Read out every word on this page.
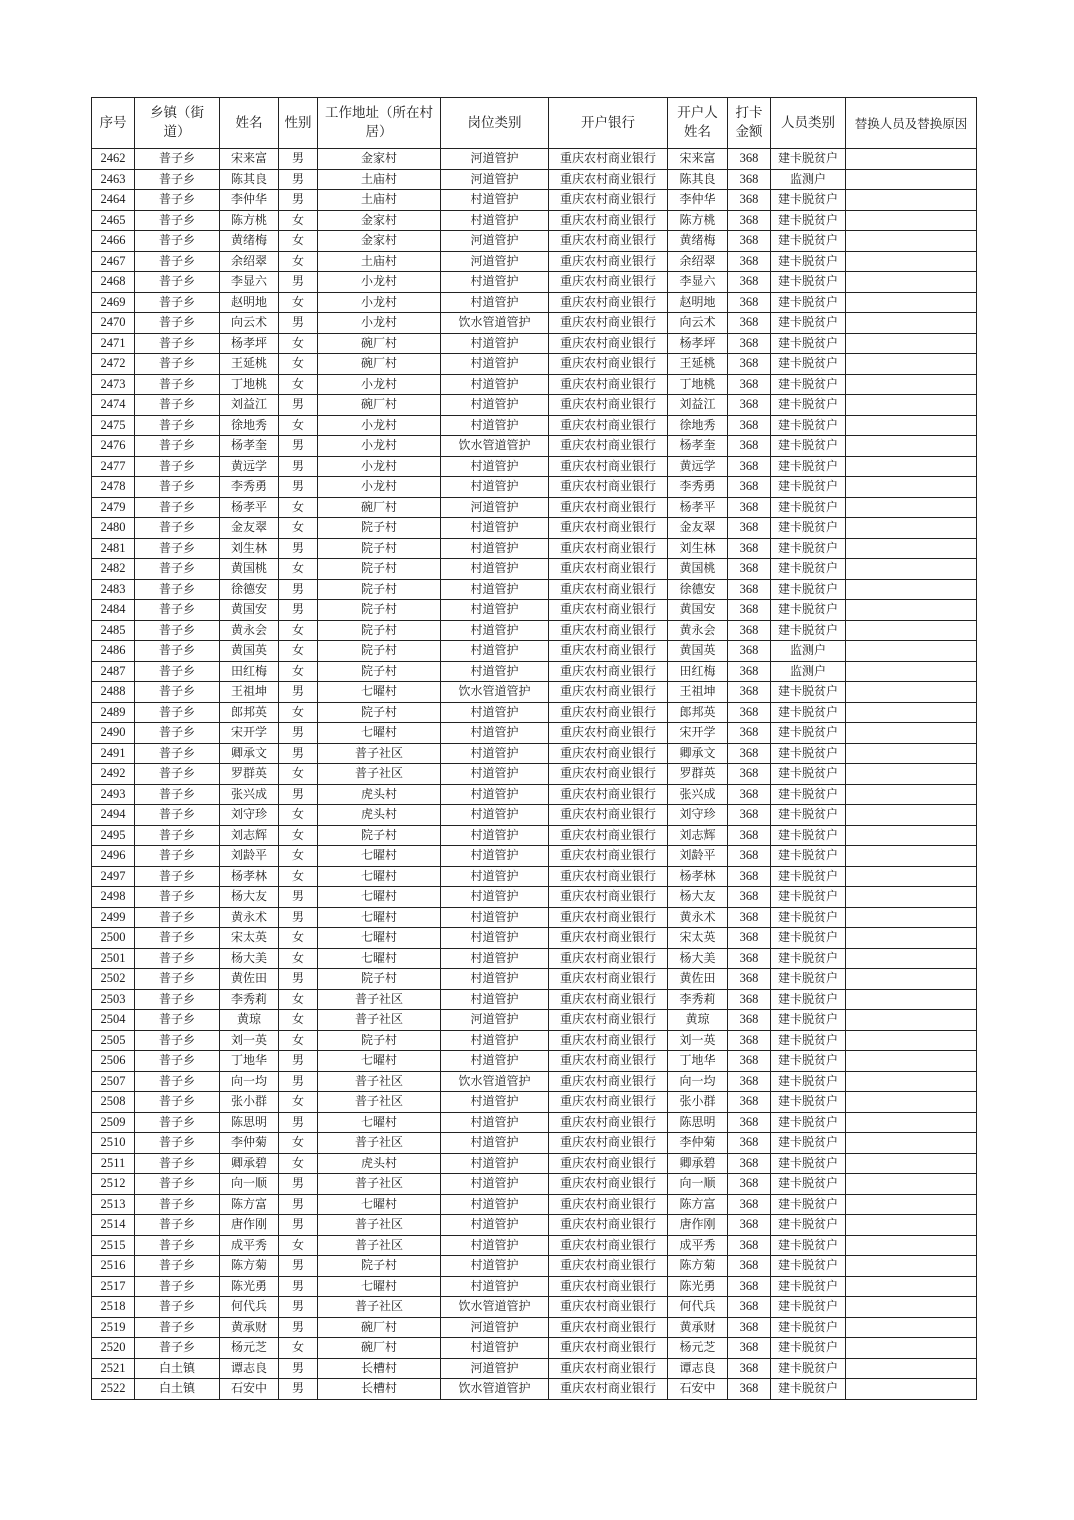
序号	乡镇（街道）	姓名	性别	工作地址（所在村居）	岗位类别	开户银行	开户人姓名	打卡金额	人员类别	替换人员及替换原因
2462	普子乡	宋来富	男	金家村	河道管护	重庆农村商业银行	宋来富	368	建卡脱贫户	
2463	普子乡	陈其良	男	土庙村	河道管护	重庆农村商业银行	陈其良	368	监测户	
2464	普子乡	李仲华	男	土庙村	村道管护	重庆农村商业银行	李仲华	368	建卡脱贫户	
2465	普子乡	陈方桃	女	金家村	村道管护	重庆农村商业银行	陈方桃	368	建卡脱贫户	
2466	普子乡	黄绪梅	女	金家村	河道管护	重庆农村商业银行	黄绪梅	368	建卡脱贫户	
2467	普子乡	余绍翠	女	土庙村	河道管护	重庆农村商业银行	余绍翠	368	建卡脱贫户	
2468	普子乡	李显六	男	小龙村	村道管护	重庆农村商业银行	李显六	368	建卡脱贫户	
2469	普子乡	赵明地	女	小龙村	村道管护	重庆农村商业银行	赵明地	368	建卡脱贫户	
2470	普子乡	向云术	男	小龙村	饮水管道管护	重庆农村商业银行	向云术	368	建卡脱贫户	
2471	普子乡	杨孝坪	女	碗厂村	村道管护	重庆农村商业银行	杨孝坪	368	建卡脱贫户	
2472	普子乡	王延桃	女	碗厂村	村道管护	重庆农村商业银行	王延桃	368	建卡脱贫户	
2473	普子乡	丁地桃	女	小龙村	村道管护	重庆农村商业银行	丁地桃	368	建卡脱贫户	
2474	普子乡	刘益江	男	碗厂村	村道管护	重庆农村商业银行	刘益江	368	建卡脱贫户	
2475	普子乡	徐地秀	女	小龙村	村道管护	重庆农村商业银行	徐地秀	368	建卡脱贫户	
2476	普子乡	杨孝奎	男	小龙村	饮水管道管护	重庆农村商业银行	杨孝奎	368	建卡脱贫户	
2477	普子乡	黄远学	男	小龙村	村道管护	重庆农村商业银行	黄远学	368	建卡脱贫户	
2478	普子乡	李秀勇	男	小龙村	村道管护	重庆农村商业银行	李秀勇	368	建卡脱贫户	
2479	普子乡	杨孝平	女	碗厂村	河道管护	重庆农村商业银行	杨孝平	368	建卡脱贫户	
2480	普子乡	金友翠	女	院子村	村道管护	重庆农村商业银行	金友翠	368	建卡脱贫户	
2481	普子乡	刘生林	男	院子村	村道管护	重庆农村商业银行	刘生林	368	建卡脱贫户	
2482	普子乡	黄国桃	女	院子村	村道管护	重庆农村商业银行	黄国桃	368	建卡脱贫户	
2483	普子乡	徐德安	男	院子村	村道管护	重庆农村商业银行	徐德安	368	建卡脱贫户	
2484	普子乡	黄国安	男	院子村	村道管护	重庆农村商业银行	黄国安	368	建卡脱贫户	
2485	普子乡	黄永会	女	院子村	村道管护	重庆农村商业银行	黄永会	368	建卡脱贫户	
2486	普子乡	黄国英	女	院子村	村道管护	重庆农村商业银行	黄国英	368	监测户	
2487	普子乡	田红梅	女	院子村	村道管护	重庆农村商业银行	田红梅	368	监测户	
2488	普子乡	王祖坤	男	七曜村	饮水管道管护	重庆农村商业银行	王祖坤	368	建卡脱贫户	
2489	普子乡	郎邦英	女	院子村	村道管护	重庆农村商业银行	郎邦英	368	建卡脱贫户	
2490	普子乡	宋开学	男	七曜村	村道管护	重庆农村商业银行	宋开学	368	建卡脱贫户	
2491	普子乡	卿承文	男	普子社区	村道管护	重庆农村商业银行	卿承文	368	建卡脱贫户	
2492	普子乡	罗群英	女	普子社区	村道管护	重庆农村商业银行	罗群英	368	建卡脱贫户	
2493	普子乡	张兴成	男	虎头村	村道管护	重庆农村商业银行	张兴成	368	建卡脱贫户	
2494	普子乡	刘守珍	女	虎头村	村道管护	重庆农村商业银行	刘守珍	368	建卡脱贫户	
2495	普子乡	刘志辉	女	院子村	村道管护	重庆农村商业银行	刘志辉	368	建卡脱贫户	
2496	普子乡	刘龄平	女	七曜村	村道管护	重庆农村商业银行	刘龄平	368	建卡脱贫户	
2497	普子乡	杨孝林	女	七曜村	村道管护	重庆农村商业银行	杨孝林	368	建卡脱贫户	
2498	普子乡	杨大友	男	七曜村	村道管护	重庆农村商业银行	杨大友	368	建卡脱贫户	
2499	普子乡	黄永术	男	七曜村	村道管护	重庆农村商业银行	黄永术	368	建卡脱贫户	
2500	普子乡	宋太英	女	七曜村	村道管护	重庆农村商业银行	宋太英	368	建卡脱贫户	
2501	普子乡	杨大美	女	七曜村	村道管护	重庆农村商业银行	杨大美	368	建卡脱贫户	
2502	普子乡	黄佐田	男	院子村	村道管护	重庆农村商业银行	黄佐田	368	建卡脱贫户	
2503	普子乡	李秀莉	女	普子社区	村道管护	重庆农村商业银行	李秀莉	368	建卡脱贫户	
2504	普子乡	黄琼	女	普子社区	河道管护	重庆农村商业银行	黄琼	368	建卡脱贫户	
2505	普子乡	刘一英	女	院子村	村道管护	重庆农村商业银行	刘一英	368	建卡脱贫户	
2506	普子乡	丁地华	男	七曜村	村道管护	重庆农村商业银行	丁地华	368	建卡脱贫户	
2507	普子乡	向一均	男	普子社区	饮水管道管护	重庆农村商业银行	向一均	368	建卡脱贫户	
2508	普子乡	张小群	女	普子社区	村道管护	重庆农村商业银行	张小群	368	建卡脱贫户	
2509	普子乡	陈思明	男	七曜村	村道管护	重庆农村商业银行	陈思明	368	建卡脱贫户	
2510	普子乡	李仲菊	女	普子社区	村道管护	重庆农村商业银行	李仲菊	368	建卡脱贫户	
2511	普子乡	卿承碧	女	虎头村	村道管护	重庆农村商业银行	卿承碧	368	建卡脱贫户	
2512	普子乡	向一顺	男	普子社区	村道管护	重庆农村商业银行	向一顺	368	建卡脱贫户	
2513	普子乡	陈方富	男	七曜村	村道管护	重庆农村商业银行	陈方富	368	建卡脱贫户	
2514	普子乡	唐作刚	男	普子社区	村道管护	重庆农村商业银行	唐作刚	368	建卡脱贫户	
2515	普子乡	成平秀	女	普子社区	村道管护	重庆农村商业银行	成平秀	368	建卡脱贫户	
2516	普子乡	陈方菊	男	院子村	村道管护	重庆农村商业银行	陈方菊	368	建卡脱贫户	
2517	普子乡	陈光勇	男	七曜村	村道管护	重庆农村商业银行	陈光勇	368	建卡脱贫户	
2518	普子乡	何代兵	男	普子社区	饮水管道管护	重庆农村商业银行	何代兵	368	建卡脱贫户	
2519	普子乡	黄承财	男	碗厂村	河道管护	重庆农村商业银行	黄承财	368	建卡脱贫户	
2520	普子乡	杨元芝	女	碗厂村	村道管护	重庆农村商业银行	杨元芝	368	建卡脱贫户	
2521	白土镇	谭志良	男	长槽村	河道管护	重庆农村商业银行	谭志良	368	建卡脱贫户	
2522	白土镇	石安中	男	长槽村	饮水管道管护	重庆农村商业银行	石安中	368	建卡脱贫户	
